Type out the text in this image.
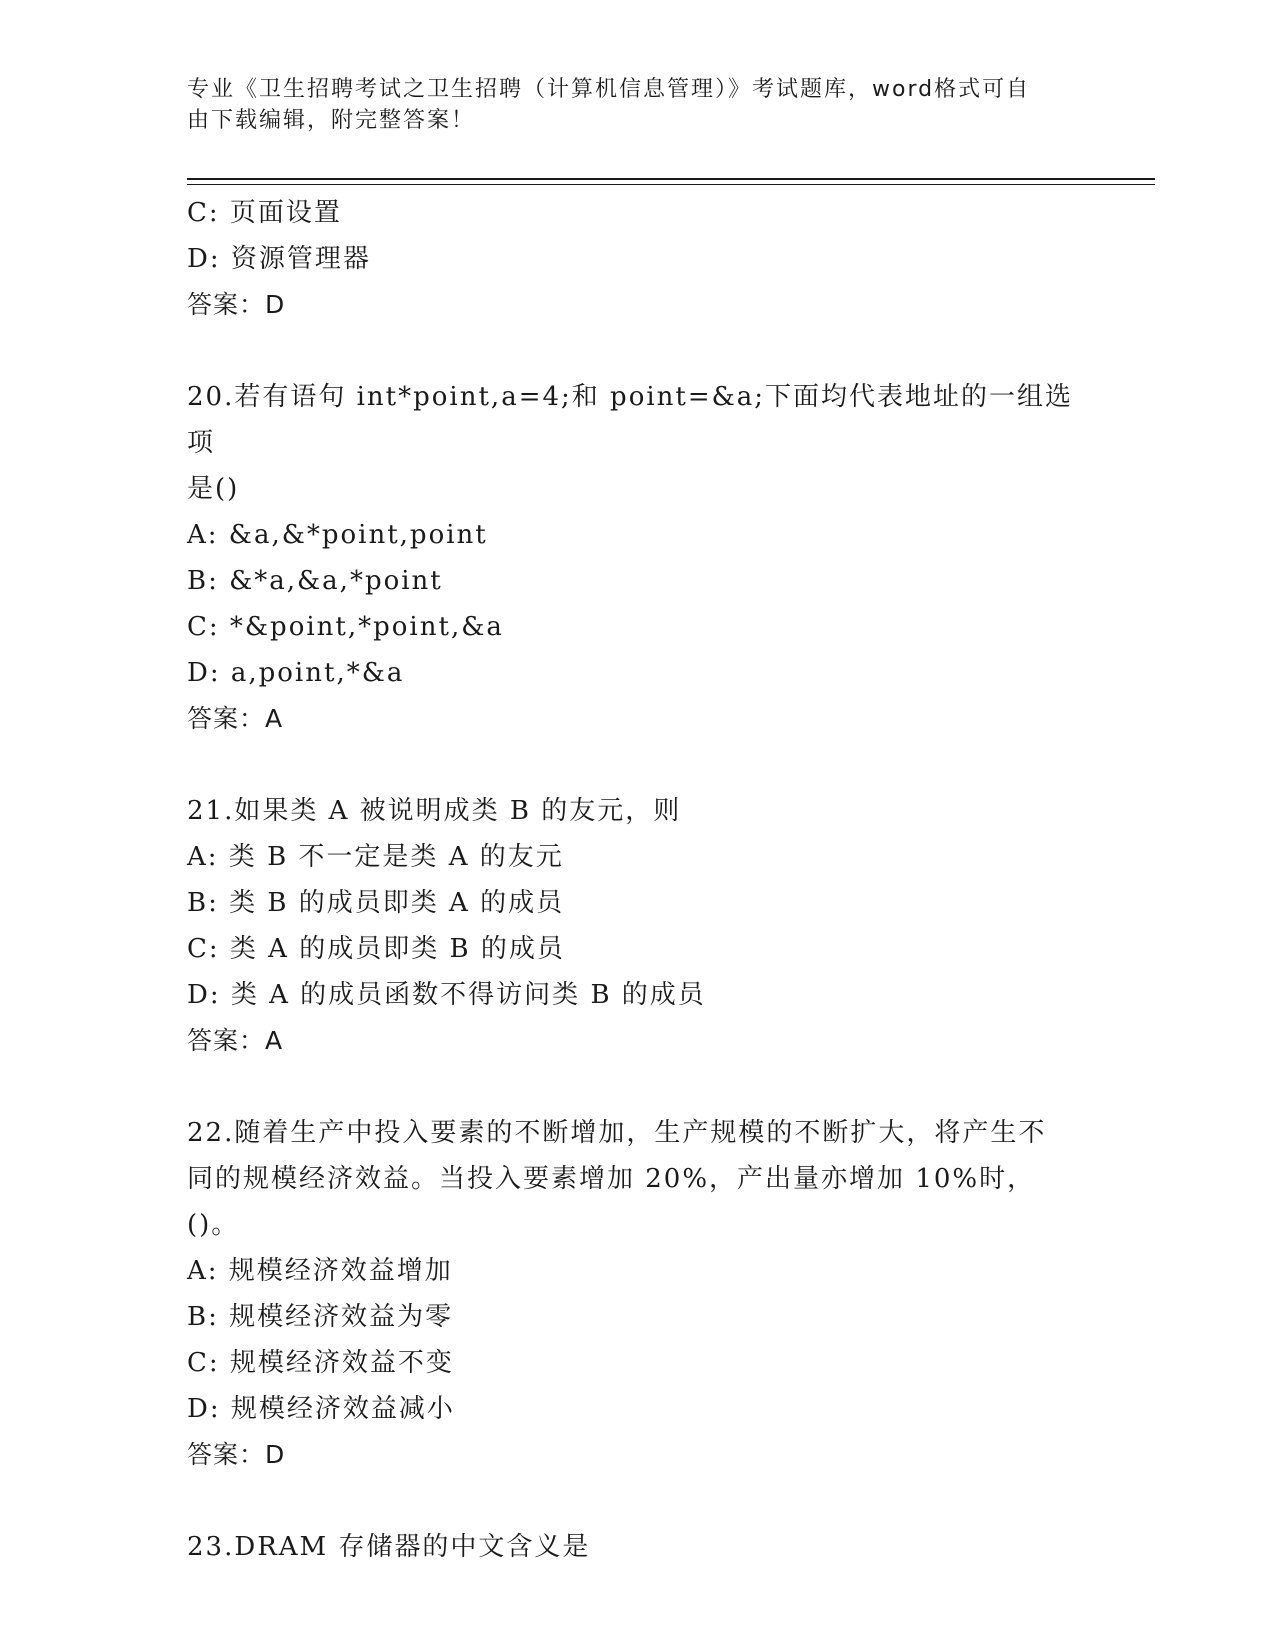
专业《卫生招聘考试之卫生招聘（计算机信息管理）》考试题库，word格式可自
由下载编辑，附完整答案！
C: 页面设置
D: 资源管理器
答案：D
20.若有语句 int*point,a=4;和 point=&a;下面均代表地址的一组选项
是()
A: &a,&*point,point
B: &*a,&a,*point
C: *&point,*point,&a
D: a,point,*&a
答案：A
21.如果类 A 被说明成类 B 的友元，则
A: 类 B 不一定是类 A 的友元
B: 类 B 的成员即类 A 的成员
C: 类 A 的成员即类 B 的成员
D: 类 A 的成员函数不得访问类 B 的成员
答案：A
22.随着生产中投入要素的不断增加，生产规模的不断扩大，将产生不
同的规模经济效益。当投入要素增加 20%，产出量亦增加 10%时，()。
A: 规模经济效益增加
B: 规模经济效益为零
C: 规模经济效益不变
D: 规模经济效益减小
答案：D
23.DRAM 存储器的中文含义是
